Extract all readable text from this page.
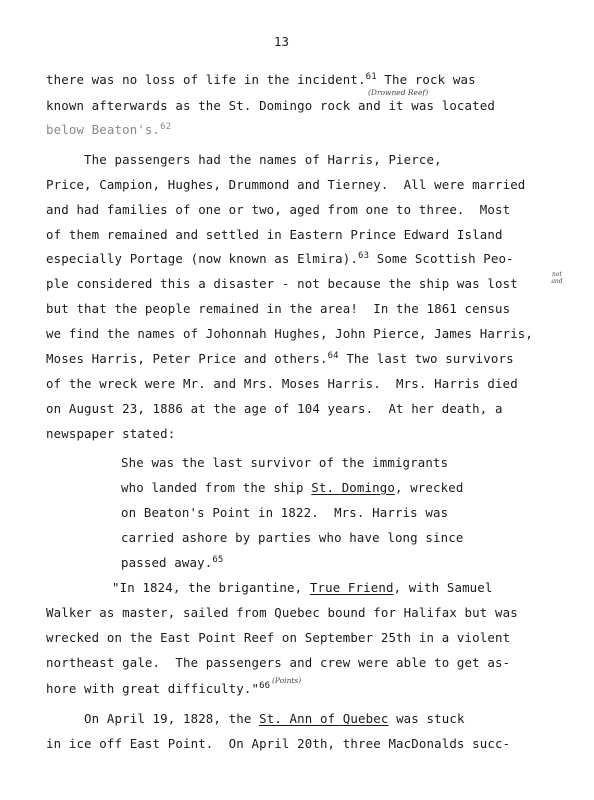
13
there was no loss of life in the incident.$^{61}$ The rock was
known afterwards as the St. Domingo rock and it was located
below Beaton's.$^{62}$
The passengers had the names of Harris, Pierce,
Price, Campion, Hughes, Drummond and Tierney.  All were married
and had families of one or two, aged from one to three.  Most
of them remained and settled in Eastern Prince Edward Island
especially Portage (now known as Elmira).$^{63}$ Some Scottish Peo-
ple considered this a disaster - not because the ship was lost
but that the people remained in the area!  In the 1861 census
we find the names of Johonnah Hughes, John Pierce, James Harris,
Moses Harris, Peter Price and others.$^{64}$ The last two survivors
of the wreck were Mr. and Mrs. Moses Harris.  Mrs. Harris died
on August 23, 1886 at the age of 104 years.  At her death, a
newspaper stated:
She was the last survivor of the immigrants
who landed from the ship St. Domingo, wrecked
on Beaton's Point in 1822.  Mrs. Harris was
carried ashore by parties who have long since
passed away.$^{65}$
"In 1824, the brigantine, True Friend, with Samuel
Walker as master, sailed from Quebec bound for Halifax but was
wrecked on the East Point Reef on September 25th in a violent
northeast gale.  The passengers and crew were able to get as-
hore with great difficulty."$^{66}$
On April 19, 1828, the St. Ann of Quebec was stuck
in ice off East Point.  On April 20th, three MacDonalds succ-
(Drowned Reef)
not and
(Points)
